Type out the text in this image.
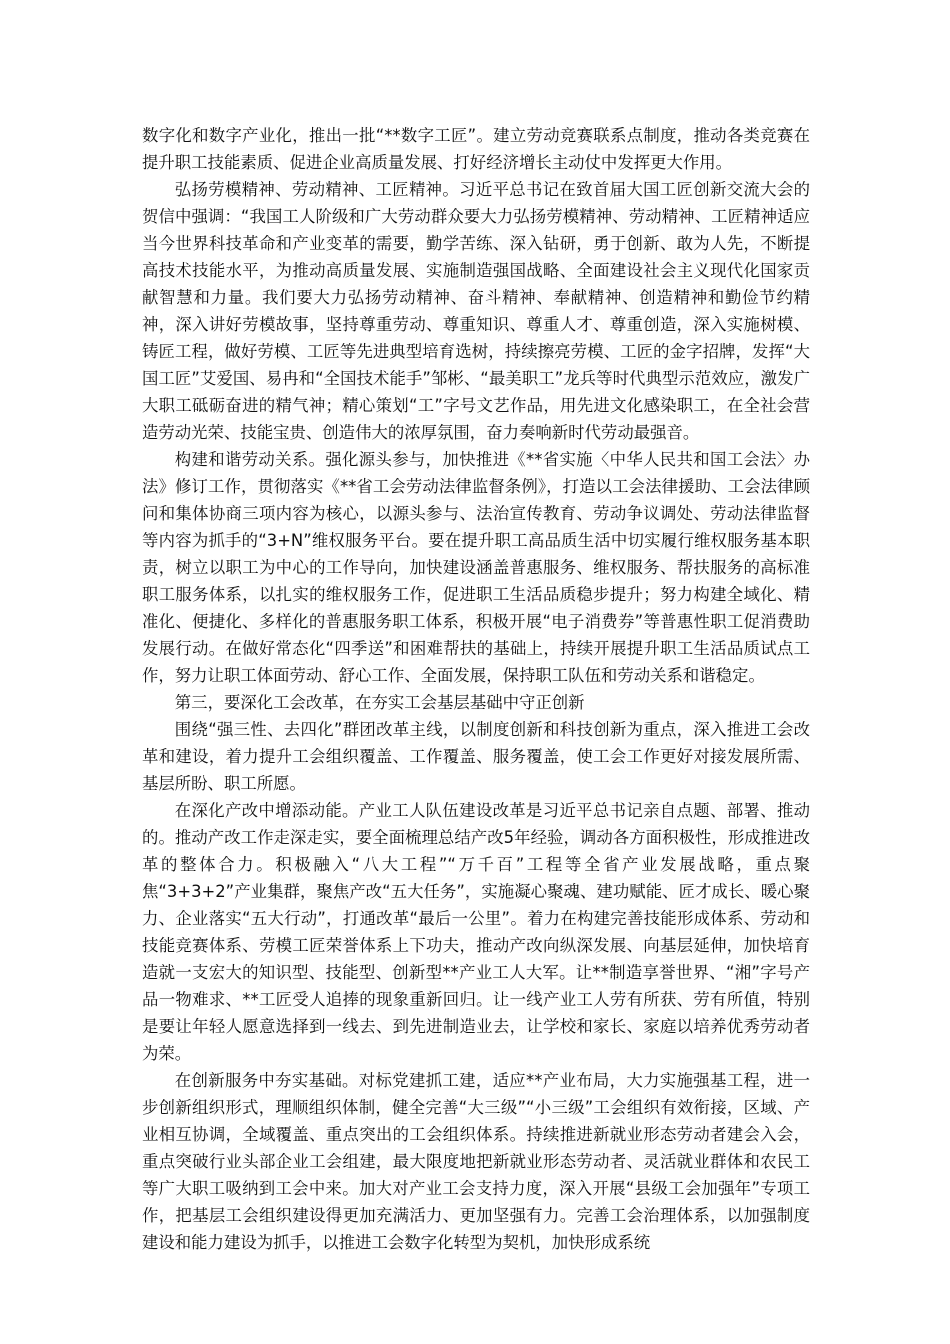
数字化和数字产业化，推出一批“**数字工匠”。建立劳动竞赛联系点制度，推动各类竞赛在提升职工技能素质、促进企业高质量发展、打好经济增长主动仗中发挥更大作用。

弘扬劳模精神、劳动精神、工匠精神。习近平总书记在致首届大国工匠创新交流大会的贺信中强调：“我国工人阶级和广大劳动群众要大力弘扬劳模精神、劳动精神、工匠精神适应当今世界科技革命和产业变革的需要，勤学苦练、深入钻研，勇于创新、敢为人先，不断提高技术技能水平，为推动高质量发展、实施制造强国战略、全面建设社会主义现代化国家贡献智慧和力量。我们要大力弘扬劳动精神、奋斗精神、奉献精神、创造精神和勤俭节约精神，深入讲好劳模故事，坚持尊重劳动、尊重知识、尊重人才、尊重创造，深入实施树模、铸匠工程，做好劳模、工匠等先进典型培育选树，持续擦亮劳模、工匠的金字招牌，发挥“大国工匠”艾爱国、易冉和“全国技术能手”邹彬、“最美职工”龙兵等时代典型示范效应，激发广大职工砥砺奋进的精气神；精心策划“工”字号文艺作品，用先进文化感染职工，在全社会营造劳动光荣、技能宝贵、创造伟大的浓厚氛围，奋力奏响新时代劳动最强音。

构建和谐劳动关系。强化源头参与，加快推进《**省实施〈中华人民共和国工会法〉办法》修订工作，贯彻落实《**省工会劳动法律监督条例》，打造以工会法律援助、工会法律顾问和集体协商三项内容为核心，以源头参与、法治宣传教育、劳动争议调处、劳动法律监督等内容为抓手的“3+N”维权服务平台。要在提升职工高品质生活中切实履行维权服务基本职责，树立以职工为中心的工作导向，加快建设涵盖普惠服务、维权服务、帮扶服务的高标准职工服务体系，以扎实的维权服务工作，促进职工生活品质稳步提升；努力构建全域化、精准化、便捷化、多样化的普惠服务职工体系，积极开展“电子消费券”等普惠性职工促消费助发展行动。在做好常态化“四季送”和困难帮扶的基础上，持续开展提升职工生活品质试点工作，努力让职工体面劳动、舒心工作、全面发展，保持职工队伍和劳动关系和谐稳定。

第三，要深化工会改革，在夯实工会基层基础中守正创新

围绕“强三性、去四化”群团改革主线，以制度创新和科技创新为重点，深入推进工会改革和建设，着力提升工会组织覆盖、工作覆盖、服务覆盖，使工会工作更好对接发展所需、基层所盼、职工所愿。

在深化产改中增添动能。产业工人队伍建设改革是习近平总书记亲自点题、部署、推动的。推动产改工作走深走实，要全面梳理总结产改5年经验，调动各方面积极性，形成推进改革的整体合力。积极融入“八大工程”“万千百”工程等全省产业发展战略，重点聚焦“3+3+2”产业集群，聚焦产改“五大任务”，实施凝心聚魂、建功赋能、匠才成长、暖心聚力、企业落实“五大行动”，打通改革“最后一公里”。着力在构建完善技能形成体系、劳动和技能竞赛体系、劳模工匠荣誉体系上下功夫，推动产改向纵深发展、向基层延伸，加快培育造就一支宏大的知识型、技能型、创新型**产业工人大军。让**制造享誉世界、“湘”字号产品一物难求、**工匠受人追捧的现象重新回归。让一线产业工人劳有所获、劳有所值，特别是要让年轻人愿意选择到一线去、到先进制造业去，让学校和家长、家庭以培养优秀劳动者为荣。

在创新服务中夯实基础。对标党建抓工建，适应**产业布局，大力实施强基工程，进一步创新组织形式，理顺组织体制，健全完善“大三级”“小三级”工会组织有效衔接，区域、产业相互协调，全域覆盖、重点突出的工会组织体系。持续推进新就业形态劳动者建会入会，重点突破行业头部企业工会组建，最大限度地把新就业形态劳动者、灵活就业群体和农民工等广大职工吸纳到工会中来。加大对产业工会支持力度，深入开展“县级工会加强年”专项工作，把基层工会组织建设得更加充满活力、更加坚强有力。完善工会治理体系，以加强制度建设和能力建设为抓手，以推进工会数字化转型为契机，加快形成系统
